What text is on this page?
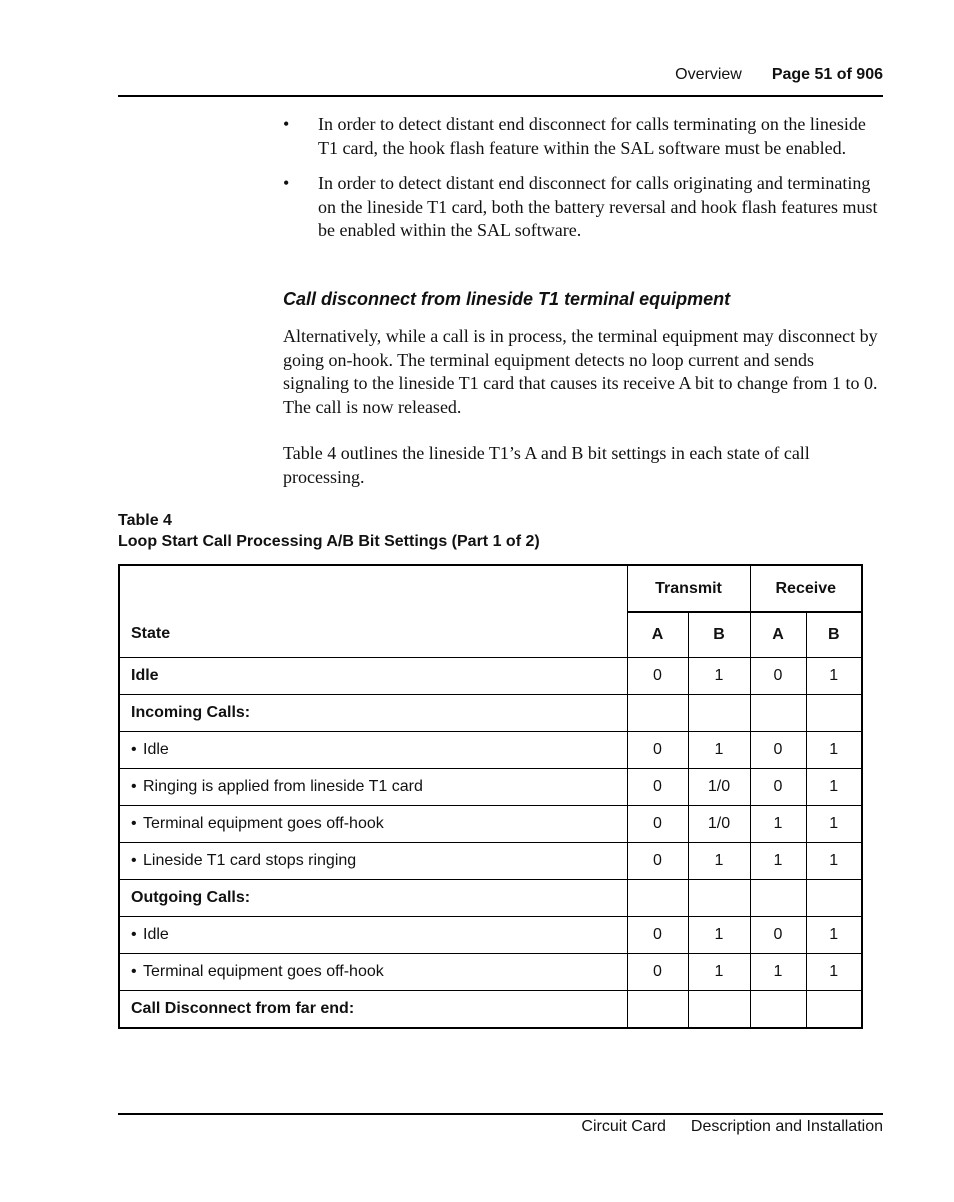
Overview Page 51 of 906
• In order to detect distant end disconnect for calls terminating on the lineside T1 card, the hook flash feature within the SAL software must be enabled.
• In order to detect distant end disconnect for calls originating and terminating on the lineside T1 card, both the battery reversal and hook flash features must be enabled within the SAL software.
Call disconnect from lineside T1 terminal equipment
Alternatively, while a call is in process, the terminal equipment may disconnect by going on-hook. The terminal equipment detects no loop current and sends signaling to the lineside T1 card that causes its receive A bit to change from 1 to 0. The call is now released.
Table 4 outlines the lineside T1’s A and B bit settings in each state of call processing.
Table 4
Loop Start Call Processing A/B Bit Settings (Part 1 of 2)
State	Transmit		Receive	
	A	B	A	B
Idle	0	1	0	1
Incoming Calls:				

• Idle	0	1	0	1

• Ringing is applied from lineside T1 card	0	1/0	0	1

• Terminal equipment goes off-hook	0	1/0	1	1

• Lineside T1 card stops ringing	0	1	1	1
Outgoing Calls:				

• Idle	0	1	0	1

• Terminal equipment goes off-hook	0	1	1	1
Call Disconnect from far end:				
Circuit Card Description and Installation
